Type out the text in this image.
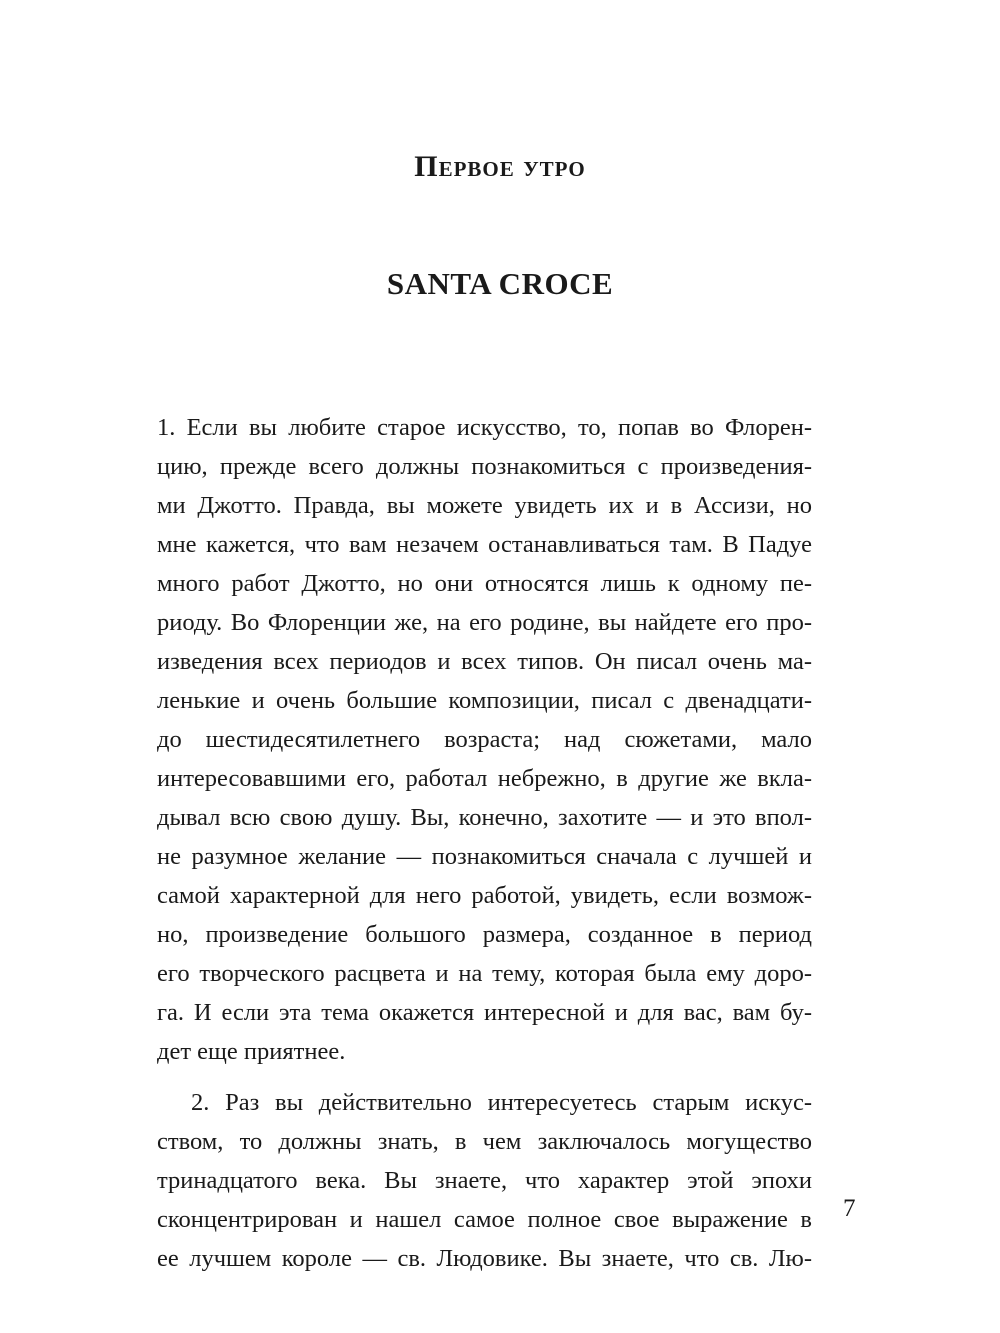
Первое утро
SANTA CROCE
1. Если вы любите старое искусство, то, попав во Флорен-
цию, прежде всего должны познакомиться с произведения-
ми Джотто. Правда, вы можете увидеть их и в Ассизи, но
мне кажется, что вам незачем останавливаться там. В Падуе
много работ Джотто, но они относятся лишь к одному пе-
риоду. Во Флоренции же, на его родине, вы найдете его про-
изведения всех периодов и всех типов. Он писал очень ма-
ленькие и очень большие композиции, писал с двенадцати-
до шестидесятилетнего возраста; над сюжетами, мало
интересовавшими его, работал небрежно, в другие же вкла-
дывал всю свою душу. Вы, конечно, захотите — и это впол-
не разумное желание — познакомиться сначала с лучшей и
самой характерной для него работой, увидеть, если возмож-
но, произведение большого размера, созданное в период
его творческого расцвета и на тему, которая была ему доро-
га. И если эта тема окажется интересной и для вас, вам бу-
дет еще приятнее.
2. Раз вы действительно интересуетесь старым искус-
ством, то должны знать, в чем заключалось могущество
тринадцатого века. Вы знаете, что характер этой эпохи
сконцентрирован и нашел самое полное свое выражение в
ее лучшем короле — св. Людовике. Вы знаете, что св. Лю-
7
